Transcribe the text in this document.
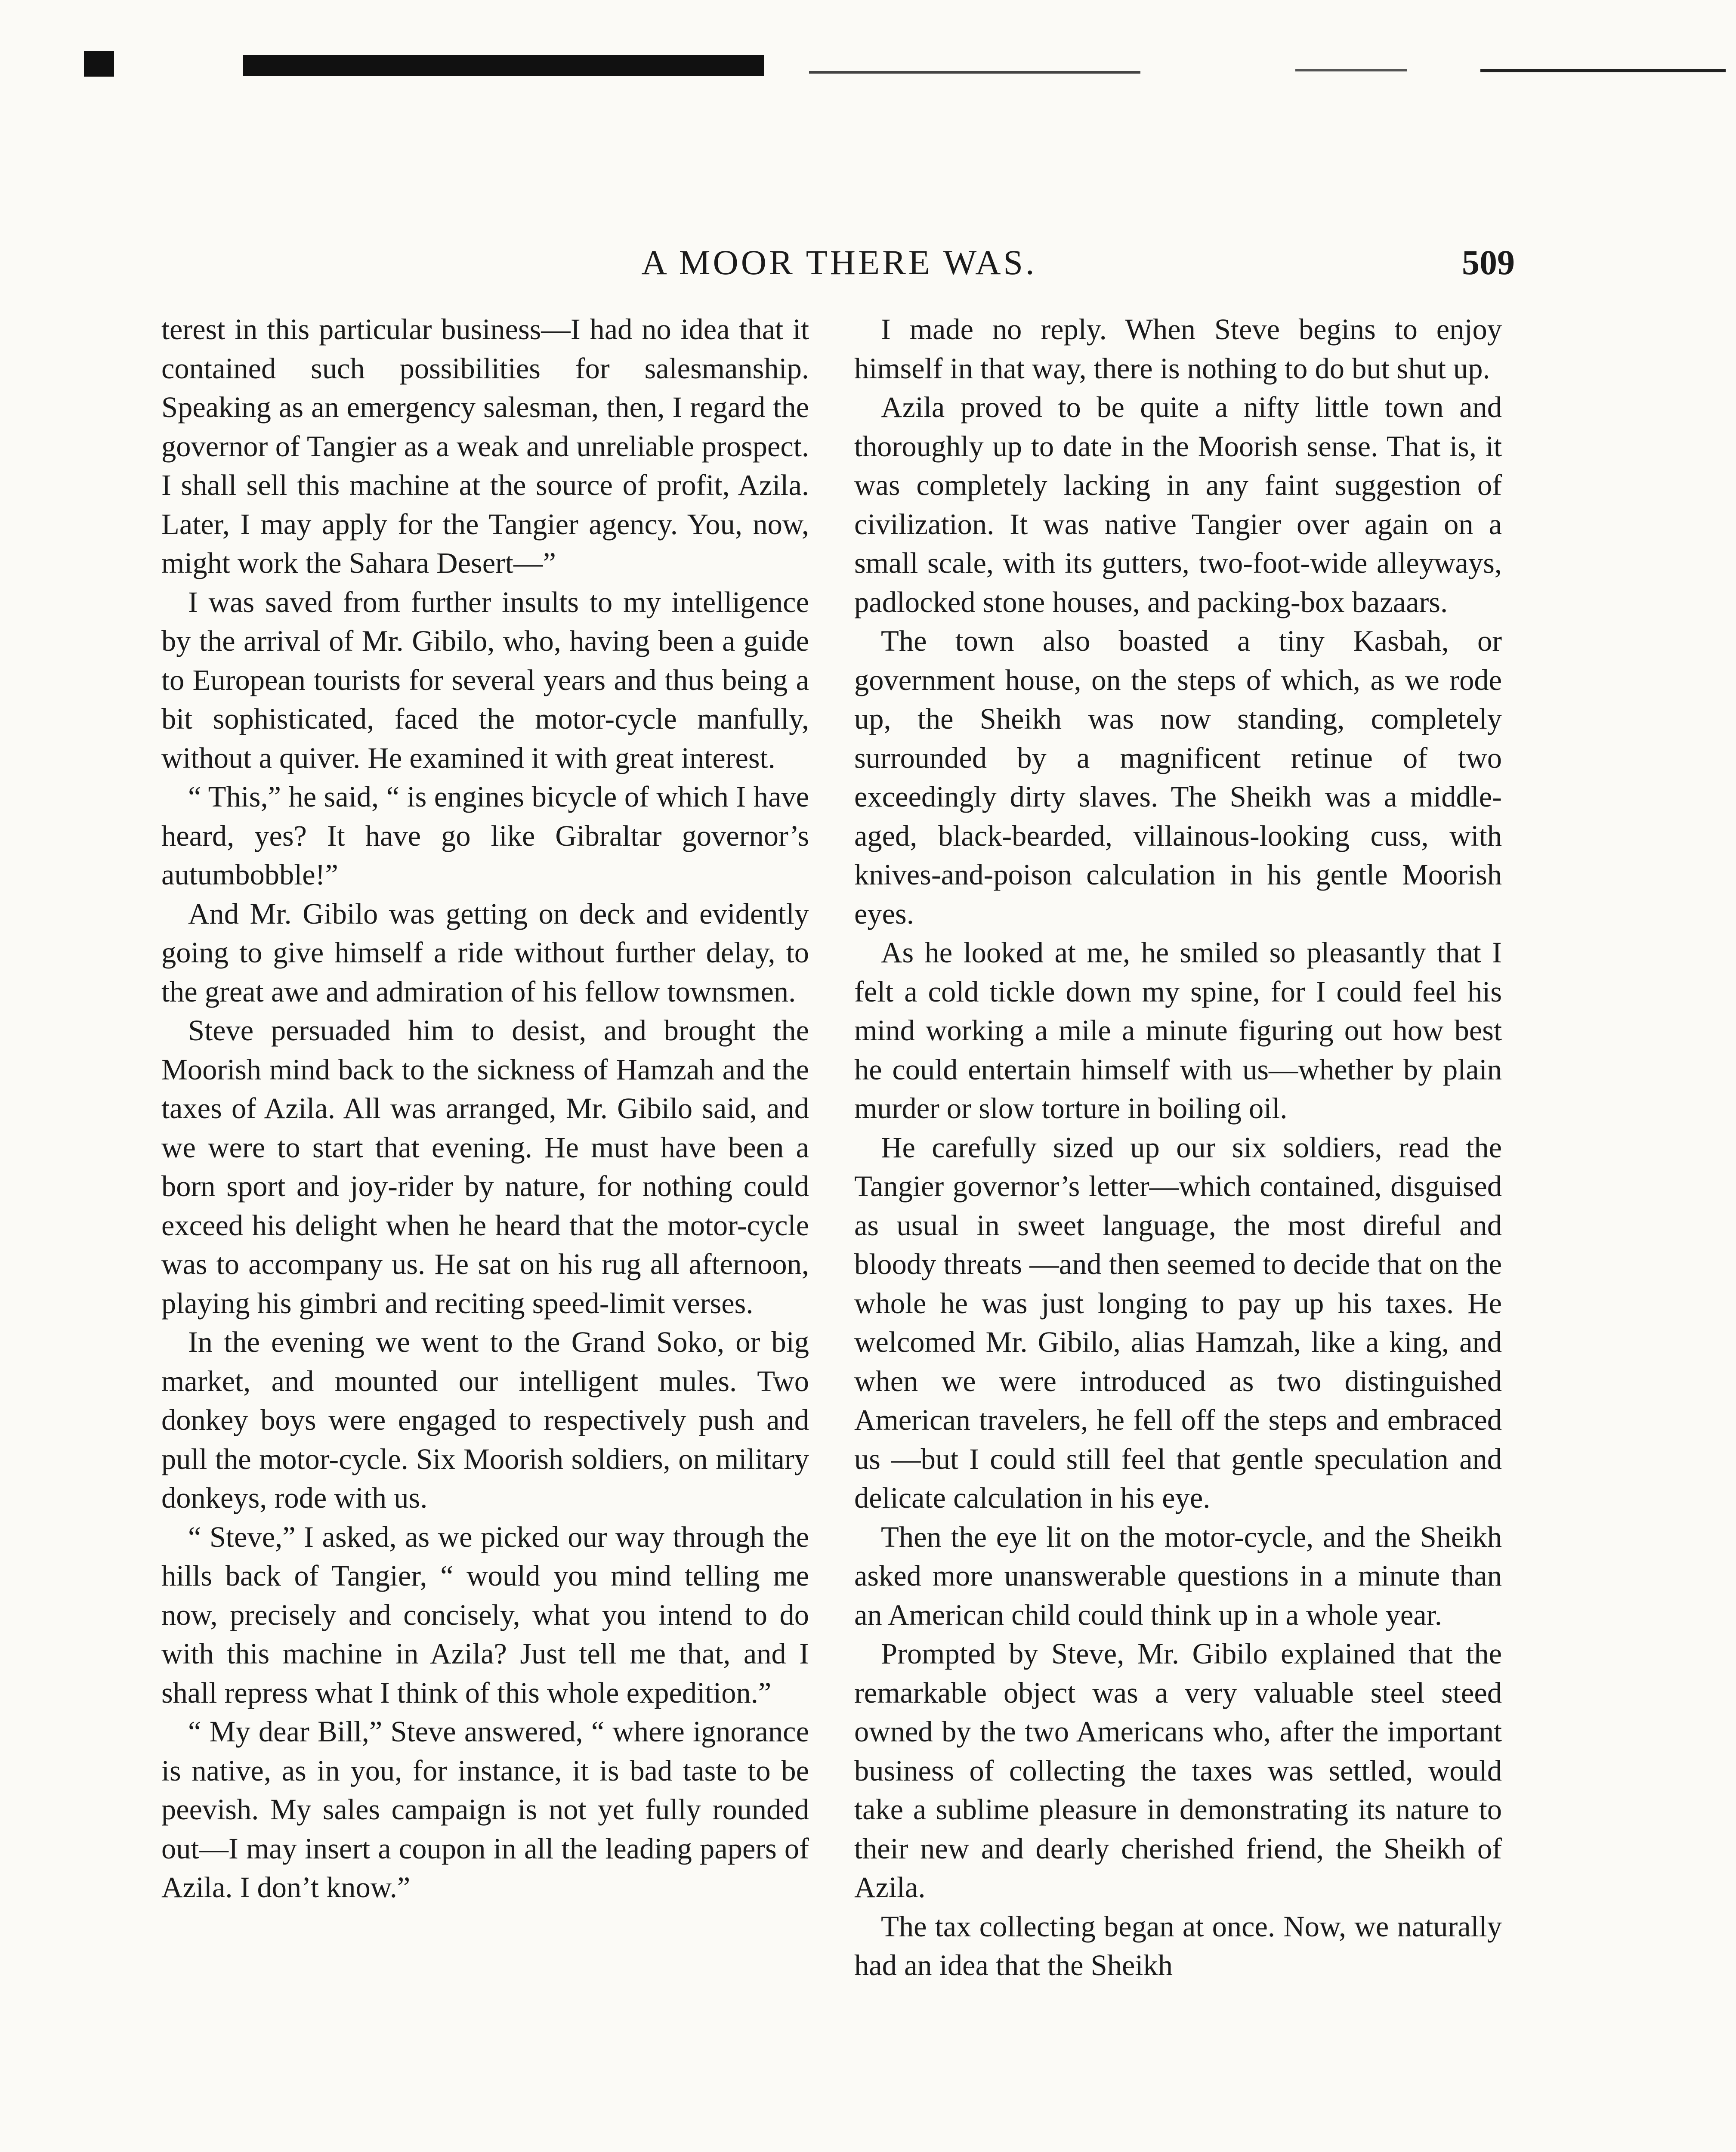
A MOOR THERE WAS.	509

terest in this particular business—I had no idea that it contained such possibilities for salesmanship. Speaking as an emergency salesman, then, I regard the governor of Tangier as a weak and unreliable prospect. I shall sell this machine at the source of profit, Azila. Later, I may apply for the Tangier agency. You, now, might work the Sahara Desert—”

I was saved from further insults to my intelligence by the arrival of Mr. Gibilo, who, having been a guide to European tourists for several years and thus being a bit sophisticated, faced the motor-cycle manfully, without a quiver. He examined it with great interest.

“ This,” he said, “ is engines bicycle of which I have heard, yes? It have go like Gibraltar governor’s autumbobble!”

And Mr. Gibilo was getting on deck and evidently going to give himself a ride without further delay, to the great awe and admiration of his fellow townsmen.

Steve persuaded him to desist, and brought the Moorish mind back to the sickness of Hamzah and the taxes of Azila. All was arranged, Mr. Gibilo said, and we were to start that evening. He must have been a born sport and joy-rider by nature, for nothing could exceed his delight when he heard that the motor-cycle was to accompany us. He sat on his rug all afternoon, playing his gimbri and reciting speed-limit verses.

In the evening we went to the Grand Soko, or big market, and mounted our intelligent mules. Two donkey boys were engaged to respectively push and pull the motor-cycle. Six Moorish soldiers, on military donkeys, rode with us.

“ Steve,” I asked, as we picked our way through the hills back of Tangier, “ would you mind telling me now, precisely and concisely, what you intend to do with this machine in Azila? Just tell me that, and I shall repress what I think of this whole expedition.”

“ My dear Bill,” Steve answered, “ where ignorance is native, as in you, for instance, it is bad taste to be peevish. My sales campaign is not yet fully rounded out—I may insert a coupon in all the leading papers of Azila. I don’t know.”

I made no reply. When Steve begins to enjoy himself in that way, there is nothing to do but shut up.

Azila proved to be quite a nifty little town and thoroughly up to date in the Moorish sense. That is, it was completely lacking in any faint suggestion of civilization. It was native Tangier over again on a small scale, with its gutters, two-foot-wide alleyways, padlocked stone houses, and packing-box bazaars.

The town also boasted a tiny Kasbah, or government house, on the steps of which, as we rode up, the Sheikh was now standing, completely surrounded by a magnificent retinue of two exceedingly dirty slaves. The Sheikh was a middle-aged, black-bearded, villainous-looking cuss, with knives-and-poison calculation in his gentle Moorish eyes.

As he looked at me, he smiled so pleasantly that I felt a cold tickle down my spine, for I could feel his mind working a mile a minute figuring out how best he could entertain himself with us—whether by plain murder or slow torture in boiling oil.

He carefully sized up our six soldiers, read the Tangier governor’s letter—which contained, disguised as usual in sweet language, the most direful and bloody threats —and then seemed to decide that on the whole he was just longing to pay up his taxes. He welcomed Mr. Gibilo, alias Hamzah, like a king, and when we were introduced as two distinguished American travelers, he fell off the steps and embraced us —but I could still feel that gentle speculation and delicate calculation in his eye.

Then the eye lit on the motor-cycle, and the Sheikh asked more unanswerable questions in a minute than an American child could think up in a whole year.

Prompted by Steve, Mr. Gibilo explained that the remarkable object was a very valuable steel steed owned by the two Americans who, after the important business of collecting the taxes was settled, would take a sublime pleasure in demonstrating its nature to their new and dearly cherished friend, the Sheikh of Azila.

The tax collecting began at once. Now, we naturally had an idea that the Sheikh
